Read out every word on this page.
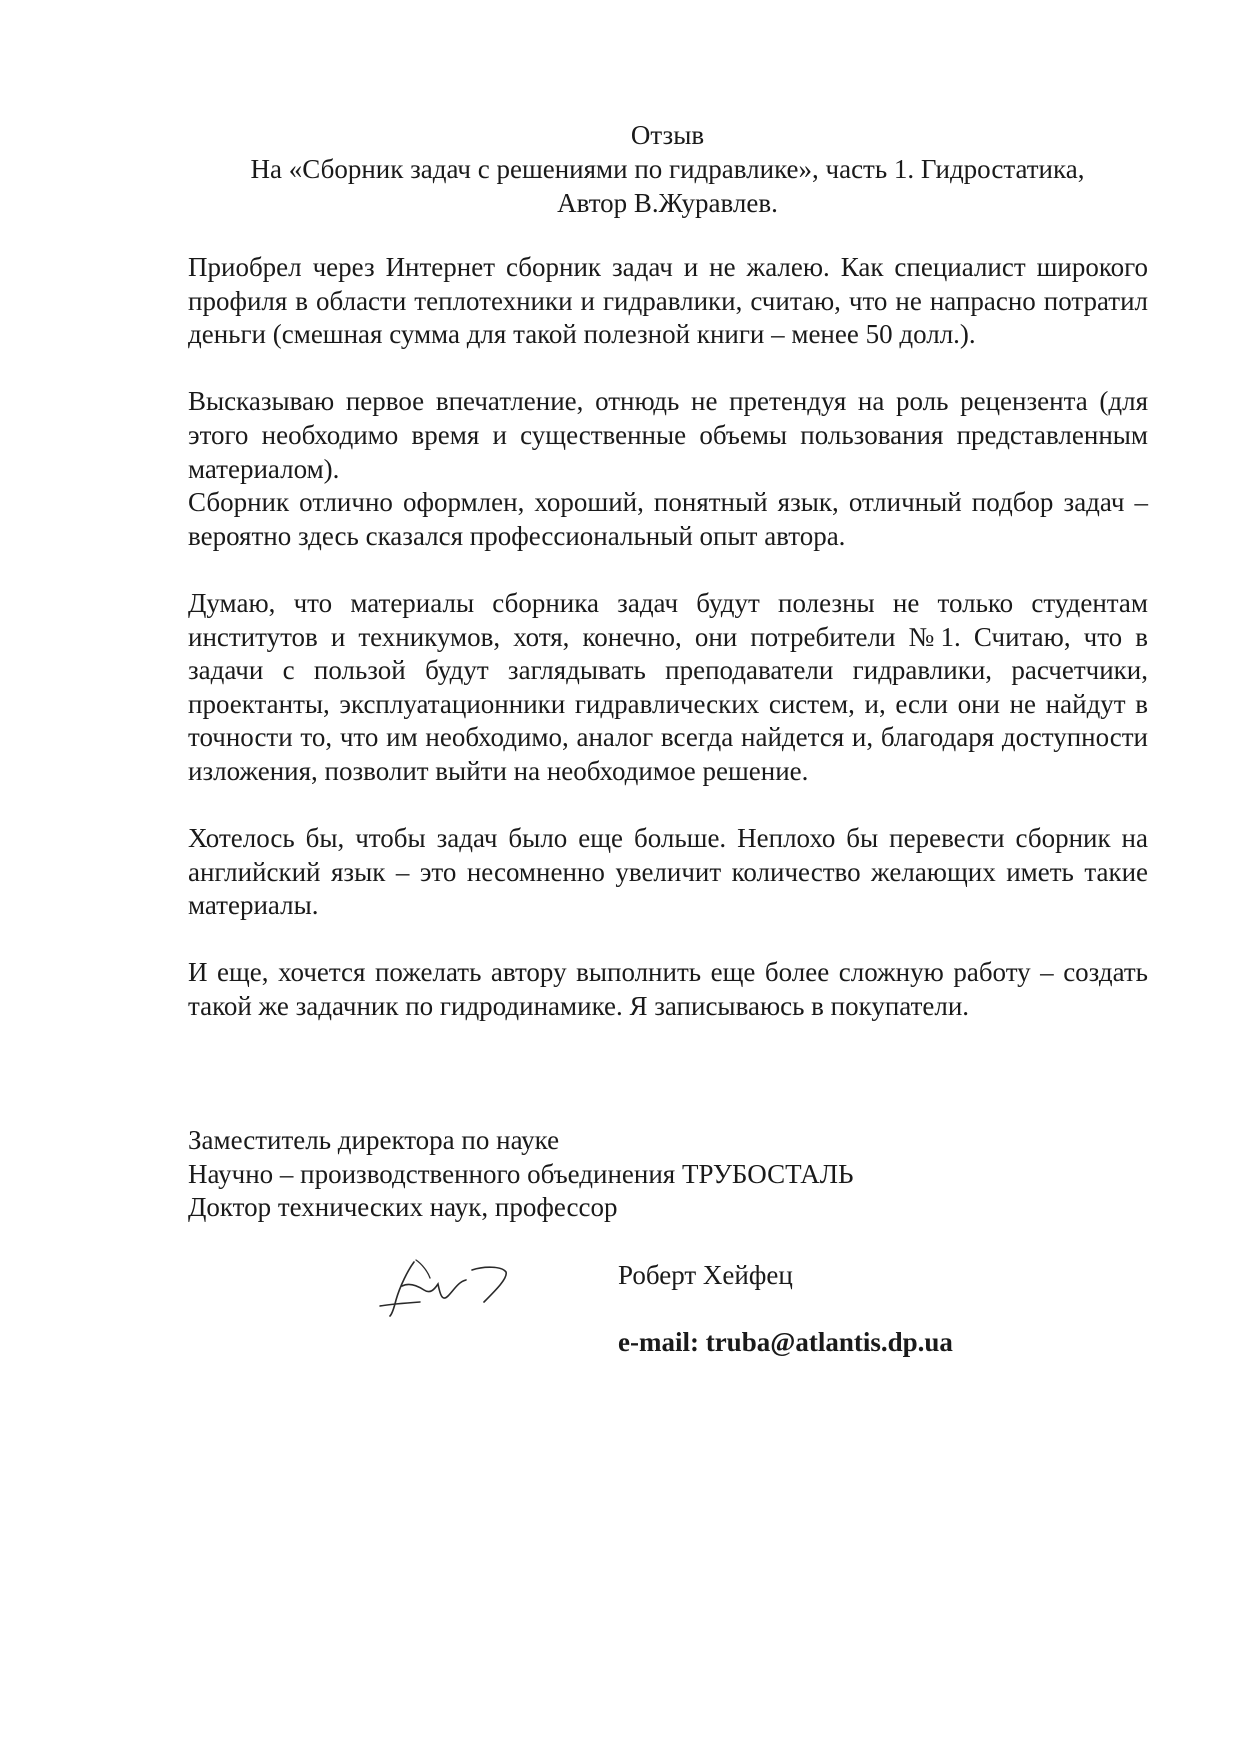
Отзыв
На «Сборник задач с решениями по гидравлике», часть 1. Гидростатика,
Автор В.Журавлев.

Приобрел через Интернет сборник задач и не жалею. Как специалист широкого профиля в области теплотехники и гидравлики, считаю, что не напрасно потратил деньги (смешная сумма для такой полезной книги – менее 50 долл.).

Высказываю первое впечатление, отнюдь не претендуя на роль рецензента (для этого необходимо время и существенные объемы пользования представленным материалом).

Сборник отлично оформлен, хороший, понятный язык, отличный подбор задач – вероятно здесь сказался профессиональный опыт автора.

Думаю, что материалы сборника задач будут полезны не только студентам институтов и техникумов, хотя, конечно, они потребители №1. Считаю, что в задачи с пользой будут заглядывать преподаватели гидравлики, расчетчики, проектанты, эксплуатационники гидравлических систем, и, если они не найдут в точности то, что им необходимо, аналог всегда найдется и, благодаря доступности изложения, позволит выйти на необходимое решение.

Хотелось бы, чтобы задач было еще больше. Неплохо бы перевести сборник на английский язык – это несомненно увеличит количество желающих иметь такие материалы.

И еще, хочется пожелать автору выполнить еще более сложную работу – создать такой же задачник по гидродинамике. Я записываюсь в покупатели.

Заместитель директора по науке
Научно – производственного объединения ТРУБОСТАЛЬ
Доктор технических наук, профессор
Роберт Хейфец
e-mail: truba@atlantis.dp.ua
